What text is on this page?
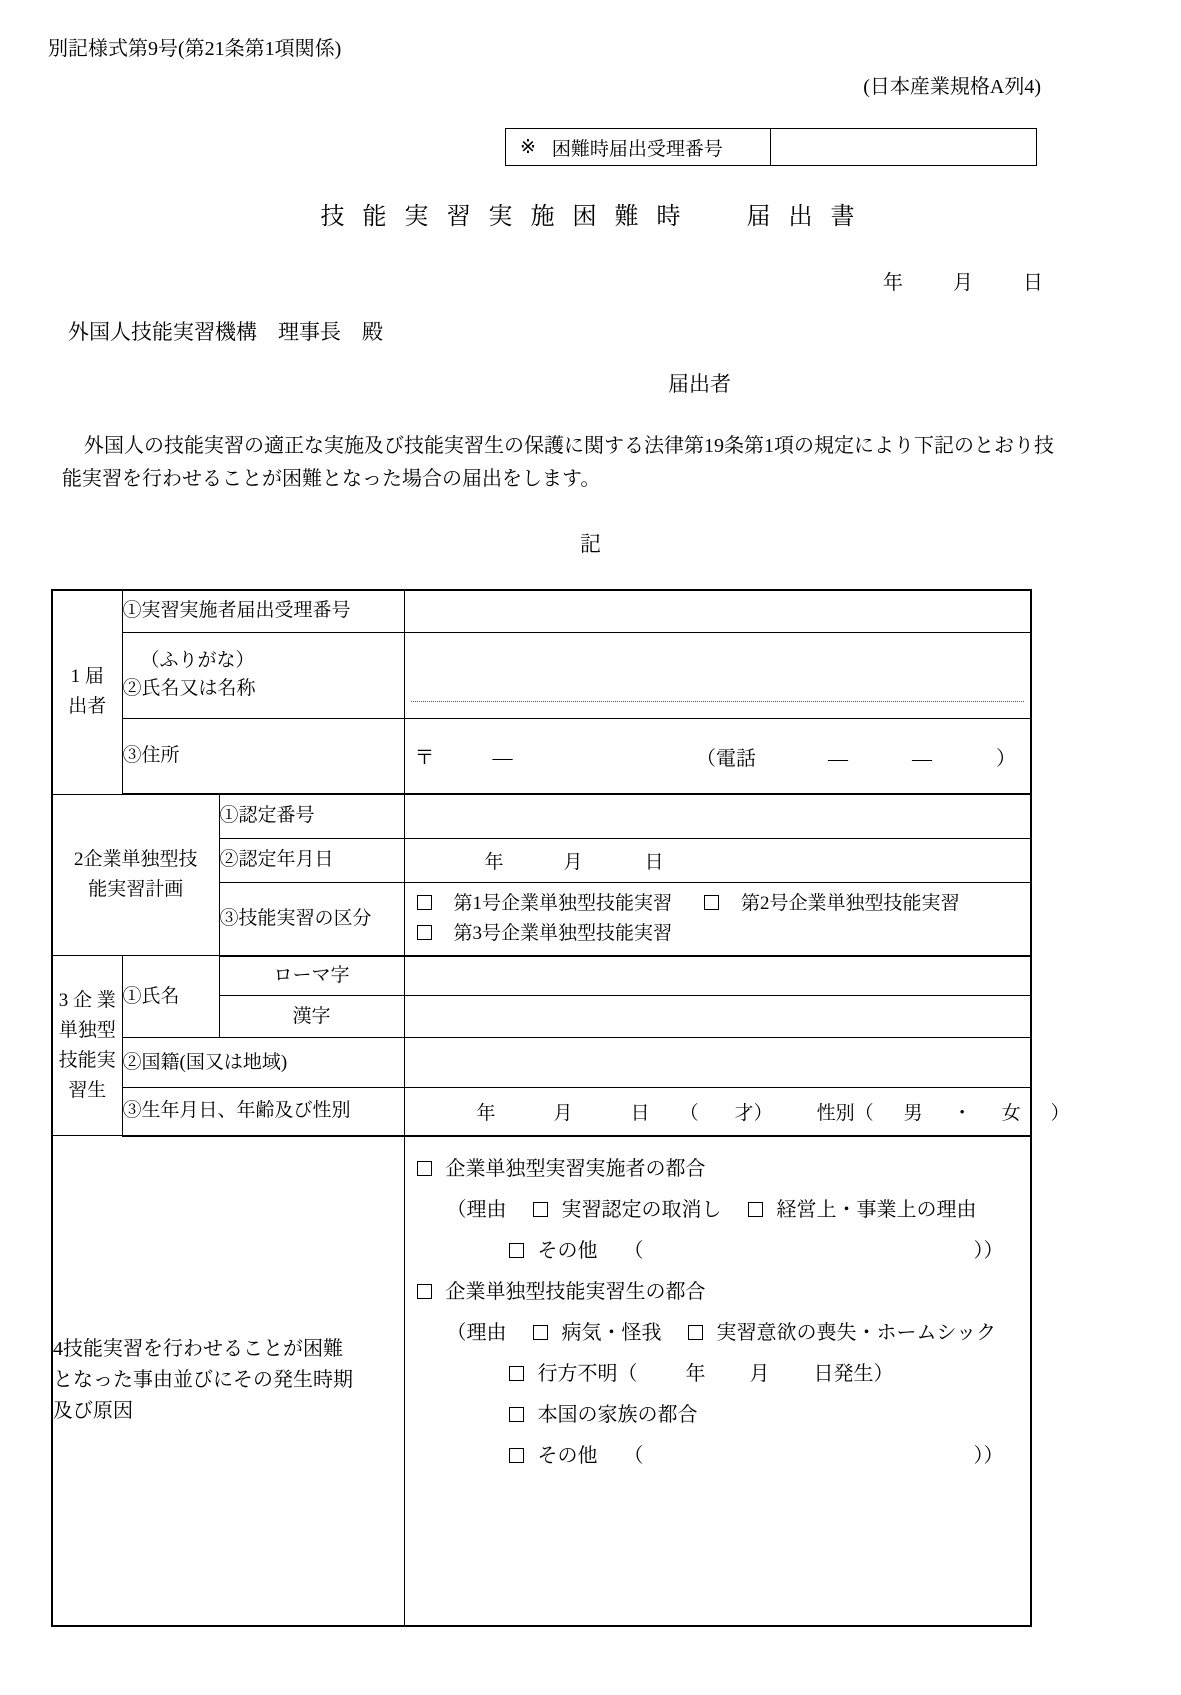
別記様式第9号(第21条第1項関係)
(日本産業規格A列4)
※ 困難時届出受理番号
技 能 実 習 実 施 困 難 時　　届 出 書
年	月	日
外国人技能実習機構　理事長　殿
届出者
外国人の技能実習の適正な実施及び技能実習生の保護に関する法律第19条第1項の規定により下記のとおり技能実習を行わせることが困難となった場合の届出をします。
記
1 届
出者	①実習実施者届出受理番号		

	（ふりがな）
②氏名又は名称		

	③住所		〒 ― （電話 ― ― ）

2企業単独型技
能実習計画		①認定番号	
		②認定年月日	年 月 日
		③技能実習の区分	第1号企業単独型技能実習 第2号企業単独型技能実習
第3号企業単独型技能実習

3 企 業
単独型
技能実
習生	①氏名	ローマ字	
		漢字	
	②国籍(国又は地域)		
	③生年月日、年齢及び性別		年 月 日 （ 才） 性別（ 男 ・ 女 ）

4技能実習を行わせることが困難
となった事由並びにその発生時期
及び原因

企業単独型実習実施者の都合
（理由	実習認定の取消し	経営上・事業上の理由
その他 （	））
企業単独型技能実習生の都合
（理由	病気・怪我	実習意欲の喪失・ホームシック
行方不明（ 年 月 日発生）
本国の家族の都合
その他 （	））
